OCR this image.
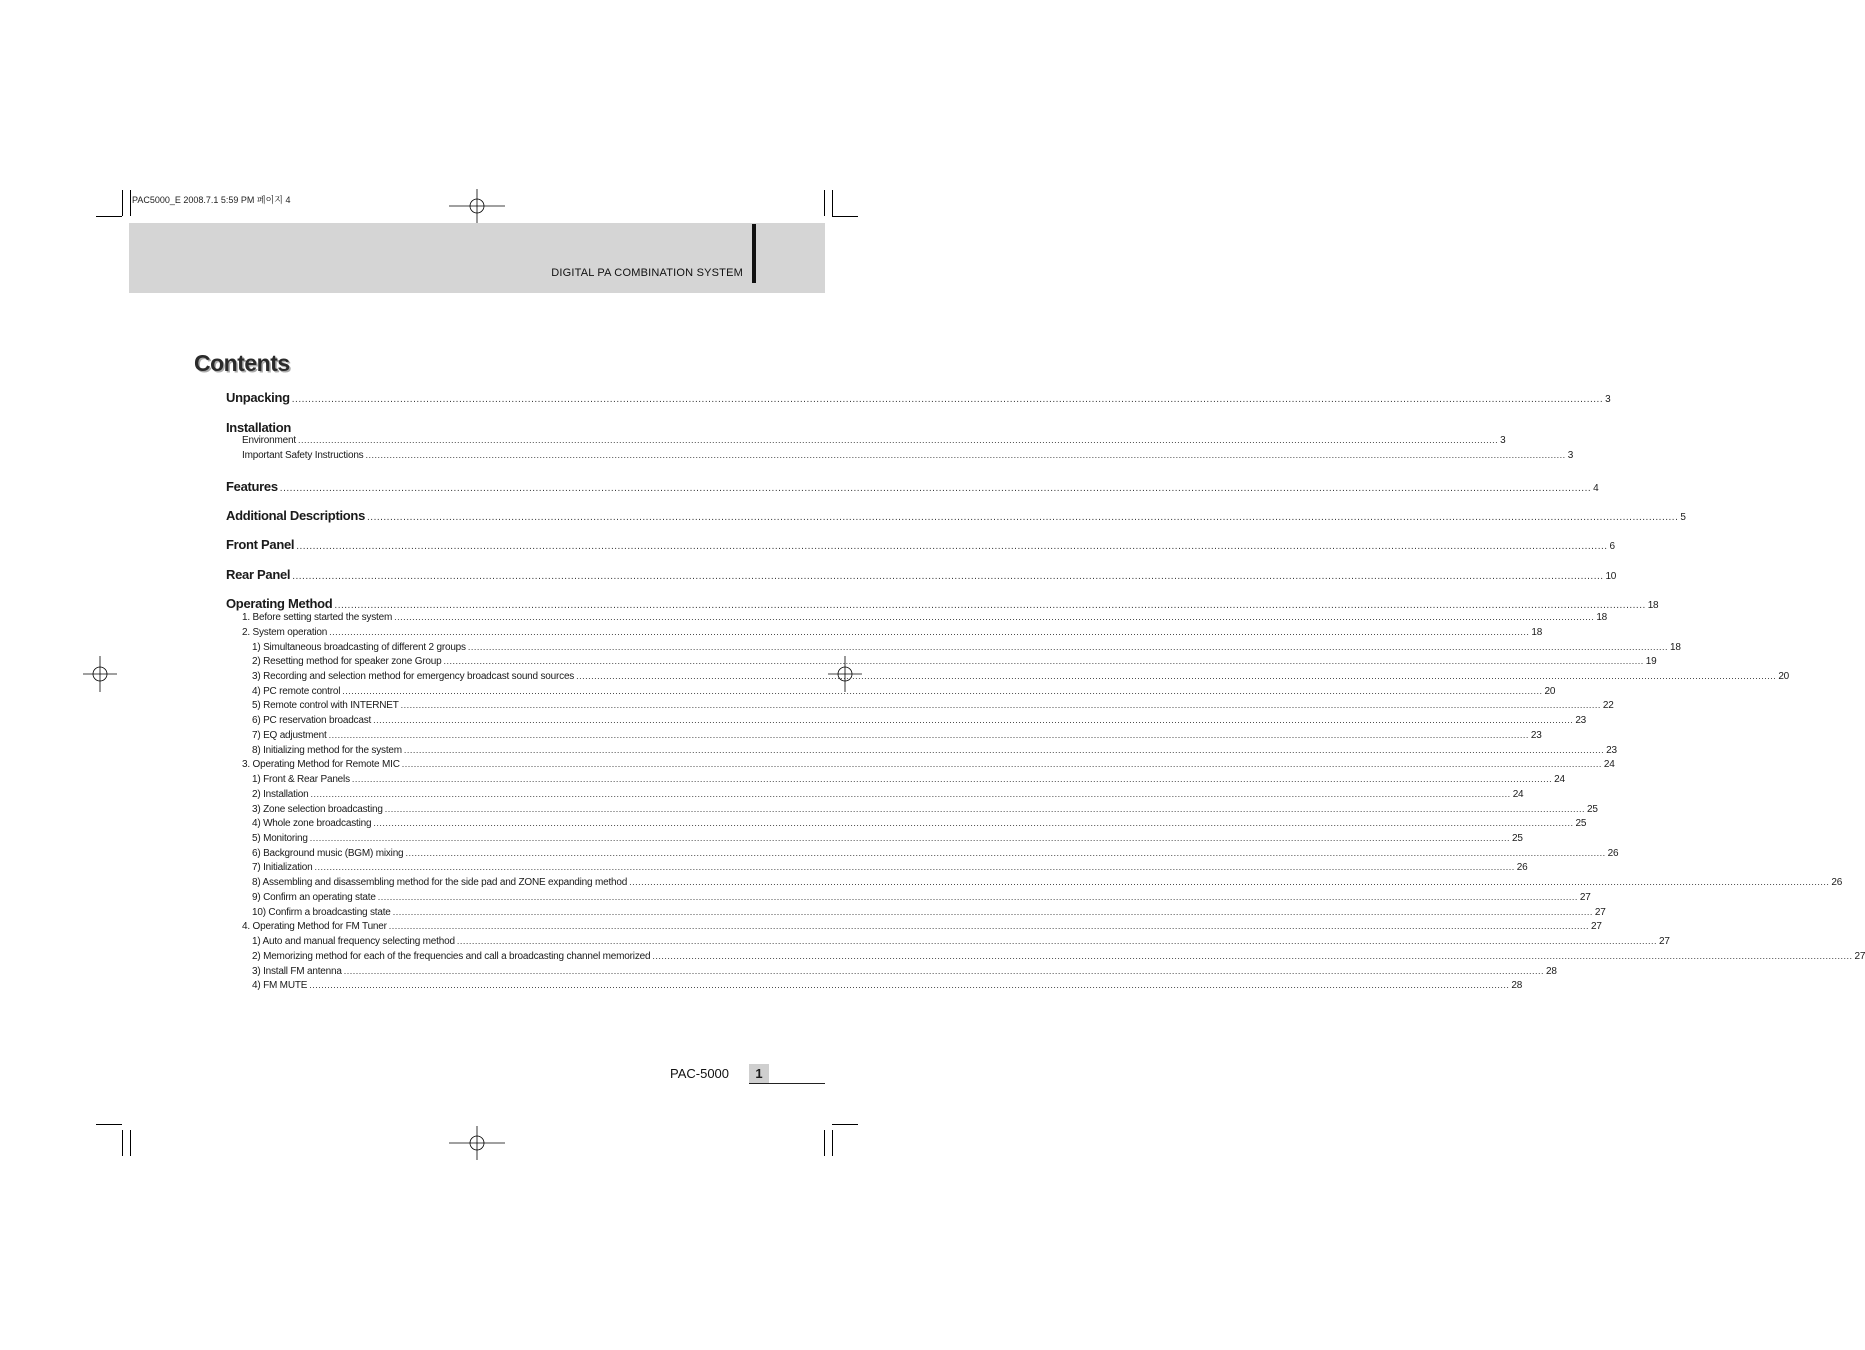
PAC5000_E 2008.7.1 5:59 PM 페이지 4
DIGITAL PA COMBINATION SYSTEM
Contents
Unpacking ................................................................................................................................................................................................................................................................................................................................................................................................................ 3
Installation
Environment ................................................................................................................................................................................................................................................................................................................................................................................................................ 3
Important Safety Instructions ................................................................................................................................................................................................................................................................................................................................................................................................................ 3
Features ................................................................................................................................................................................................................................................................................................................................................................................................................ 4
Additional Descriptions ................................................................................................................................................................................................................................................................................................................................................................................................................ 5
Front Panel ................................................................................................................................................................................................................................................................................................................................................................................................................ 6
Rear Panel ................................................................................................................................................................................................................................................................................................................................................................................................................ 10
Operating Method ................................................................................................................................................................................................................................................................................................................................................................................................................ 18
1. Before setting started the system ................................................................................................................................................................................................................................................................................................................................................................................................................ 18
2. System operation ................................................................................................................................................................................................................................................................................................................................................................................................................ 18
1) Simultaneous broadcasting of different 2 groups ................................................................................................................................................................................................................................................................................................................................................................................................................ 18
2) Resetting method for speaker zone Group ................................................................................................................................................................................................................................................................................................................................................................................................................ 19
3) Recording and selection method for emergency broadcast sound sources ................................................................................................................................................................................................................................................................................................................................................................................................................ 20
4) PC remote control ................................................................................................................................................................................................................................................................................................................................................................................................................ 20
5) Remote control with INTERNET ................................................................................................................................................................................................................................................................................................................................................................................................................ 22
6) PC reservation broadcast ................................................................................................................................................................................................................................................................................................................................................................................................................ 23
7) EQ adjustment ................................................................................................................................................................................................................................................................................................................................................................................................................ 23
8) Initializing method for the system ................................................................................................................................................................................................................................................................................................................................................................................................................ 23
3. Operating Method for Remote MIC ................................................................................................................................................................................................................................................................................................................................................................................................................ 24
1) Front & Rear Panels ................................................................................................................................................................................................................................................................................................................................................................................................................ 24
2) Installation ................................................................................................................................................................................................................................................................................................................................................................................................................ 24
3) Zone selection broadcasting ................................................................................................................................................................................................................................................................................................................................................................................................................ 25
4) Whole zone broadcasting ................................................................................................................................................................................................................................................................................................................................................................................................................ 25
5) Monitoring ................................................................................................................................................................................................................................................................................................................................................................................................................ 25
6) Background music (BGM) mixing ................................................................................................................................................................................................................................................................................................................................................................................................................ 26
7) Initialization ................................................................................................................................................................................................................................................................................................................................................................................................................ 26
8) Assembling and disassembling method for the side pad and ZONE expanding method ................................................................................................................................................................................................................................................................................................................................................................................................................ 26
9) Confirm an operating state ................................................................................................................................................................................................................................................................................................................................................................................................................ 27
10) Confirm a broadcasting state ................................................................................................................................................................................................................................................................................................................................................................................................................ 27
4. Operating Method for FM Tuner ................................................................................................................................................................................................................................................................................................................................................................................................................ 27
1) Auto and manual frequency selecting method ................................................................................................................................................................................................................................................................................................................................................................................................................ 27
2) Memorizing method for each of the frequencies and call a broadcasting channel memorized ................................................................................................................................................................................................................................................................................................................................................................................................................ 27
3) Install FM antenna ................................................................................................................................................................................................................................................................................................................................................................................................................ 28
4) FM MUTE ................................................................................................................................................................................................................................................................................................................................................................................................................ 28
PAC-5000	1
